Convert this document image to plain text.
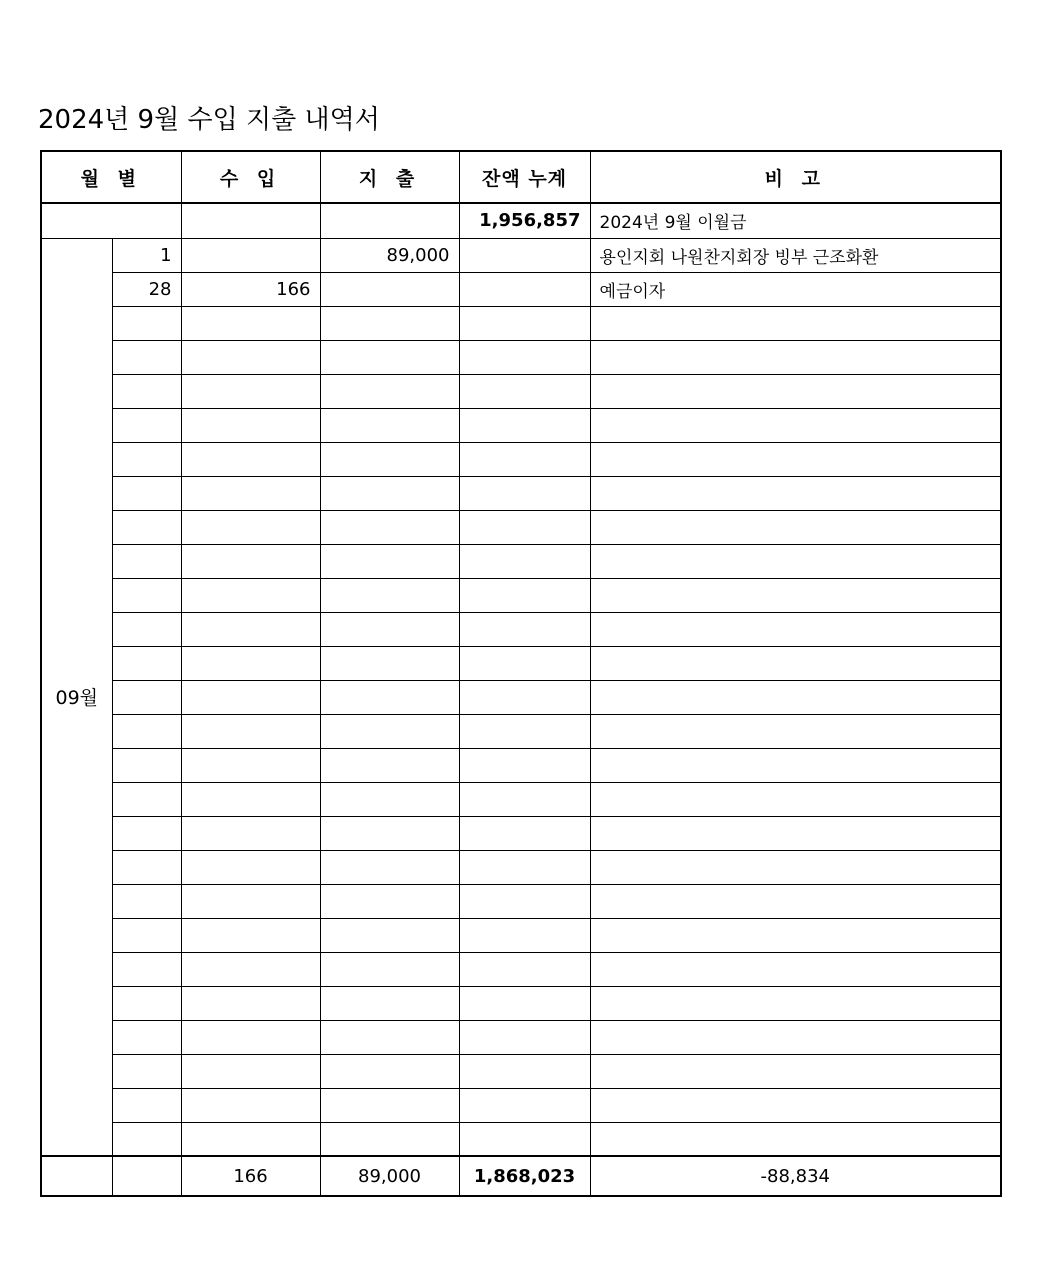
2024년 9월 수입 지출 내역서
월 별		수 입	지 출	잔액 누계	비 고
				1,956,857	2024년 9월 이월금
09월	1		89,000		용인지회 나원찬지회장 빙부 근조화환
	28	166			예금이자

		166	89,000	1,868,023	-88,834
